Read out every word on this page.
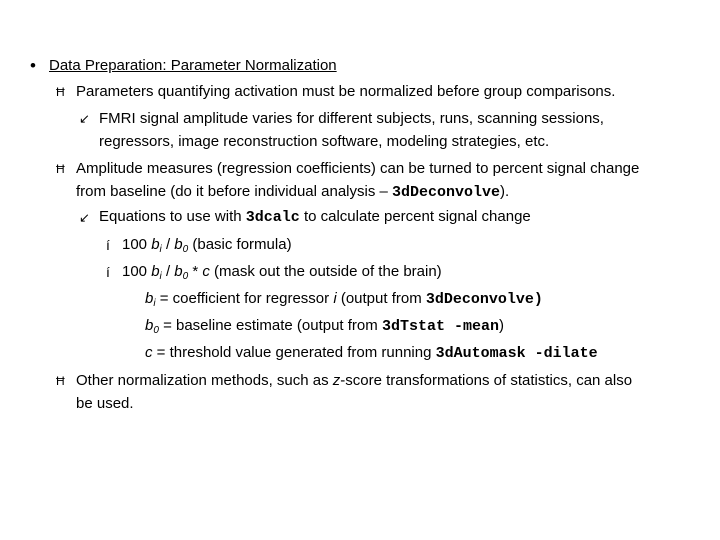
• Data Preparation: Parameter Normalization
Ħ Parameters quantifying activation must be normalized before group comparisons.
↙ FMRI signal amplitude varies for different subjects, runs, scanning sessions,
regressors, image reconstruction software, modeling strategies, etc.
Ħ Amplitude measures (regression coefficients) can be turned to percent signal change
from baseline (do it before individual analysis – 3dDeconvolve).
↙ Equations to use with 3dcalc to calculate percent signal change
í 100 $b_i / b_0$ (basic formula)
í 100 $b_i / b_0$ * c (mask out the outside of the brain)
$b_i$ = coefficient for regressor i (output from 3dDeconvolve)
$b_0$ = baseline estimate (output from 3dTstat -mean)
c = threshold value generated from running 3dAutomask -dilate
Ħ Other normalization methods, such as z-score transformations of statistics, can also
be used.
